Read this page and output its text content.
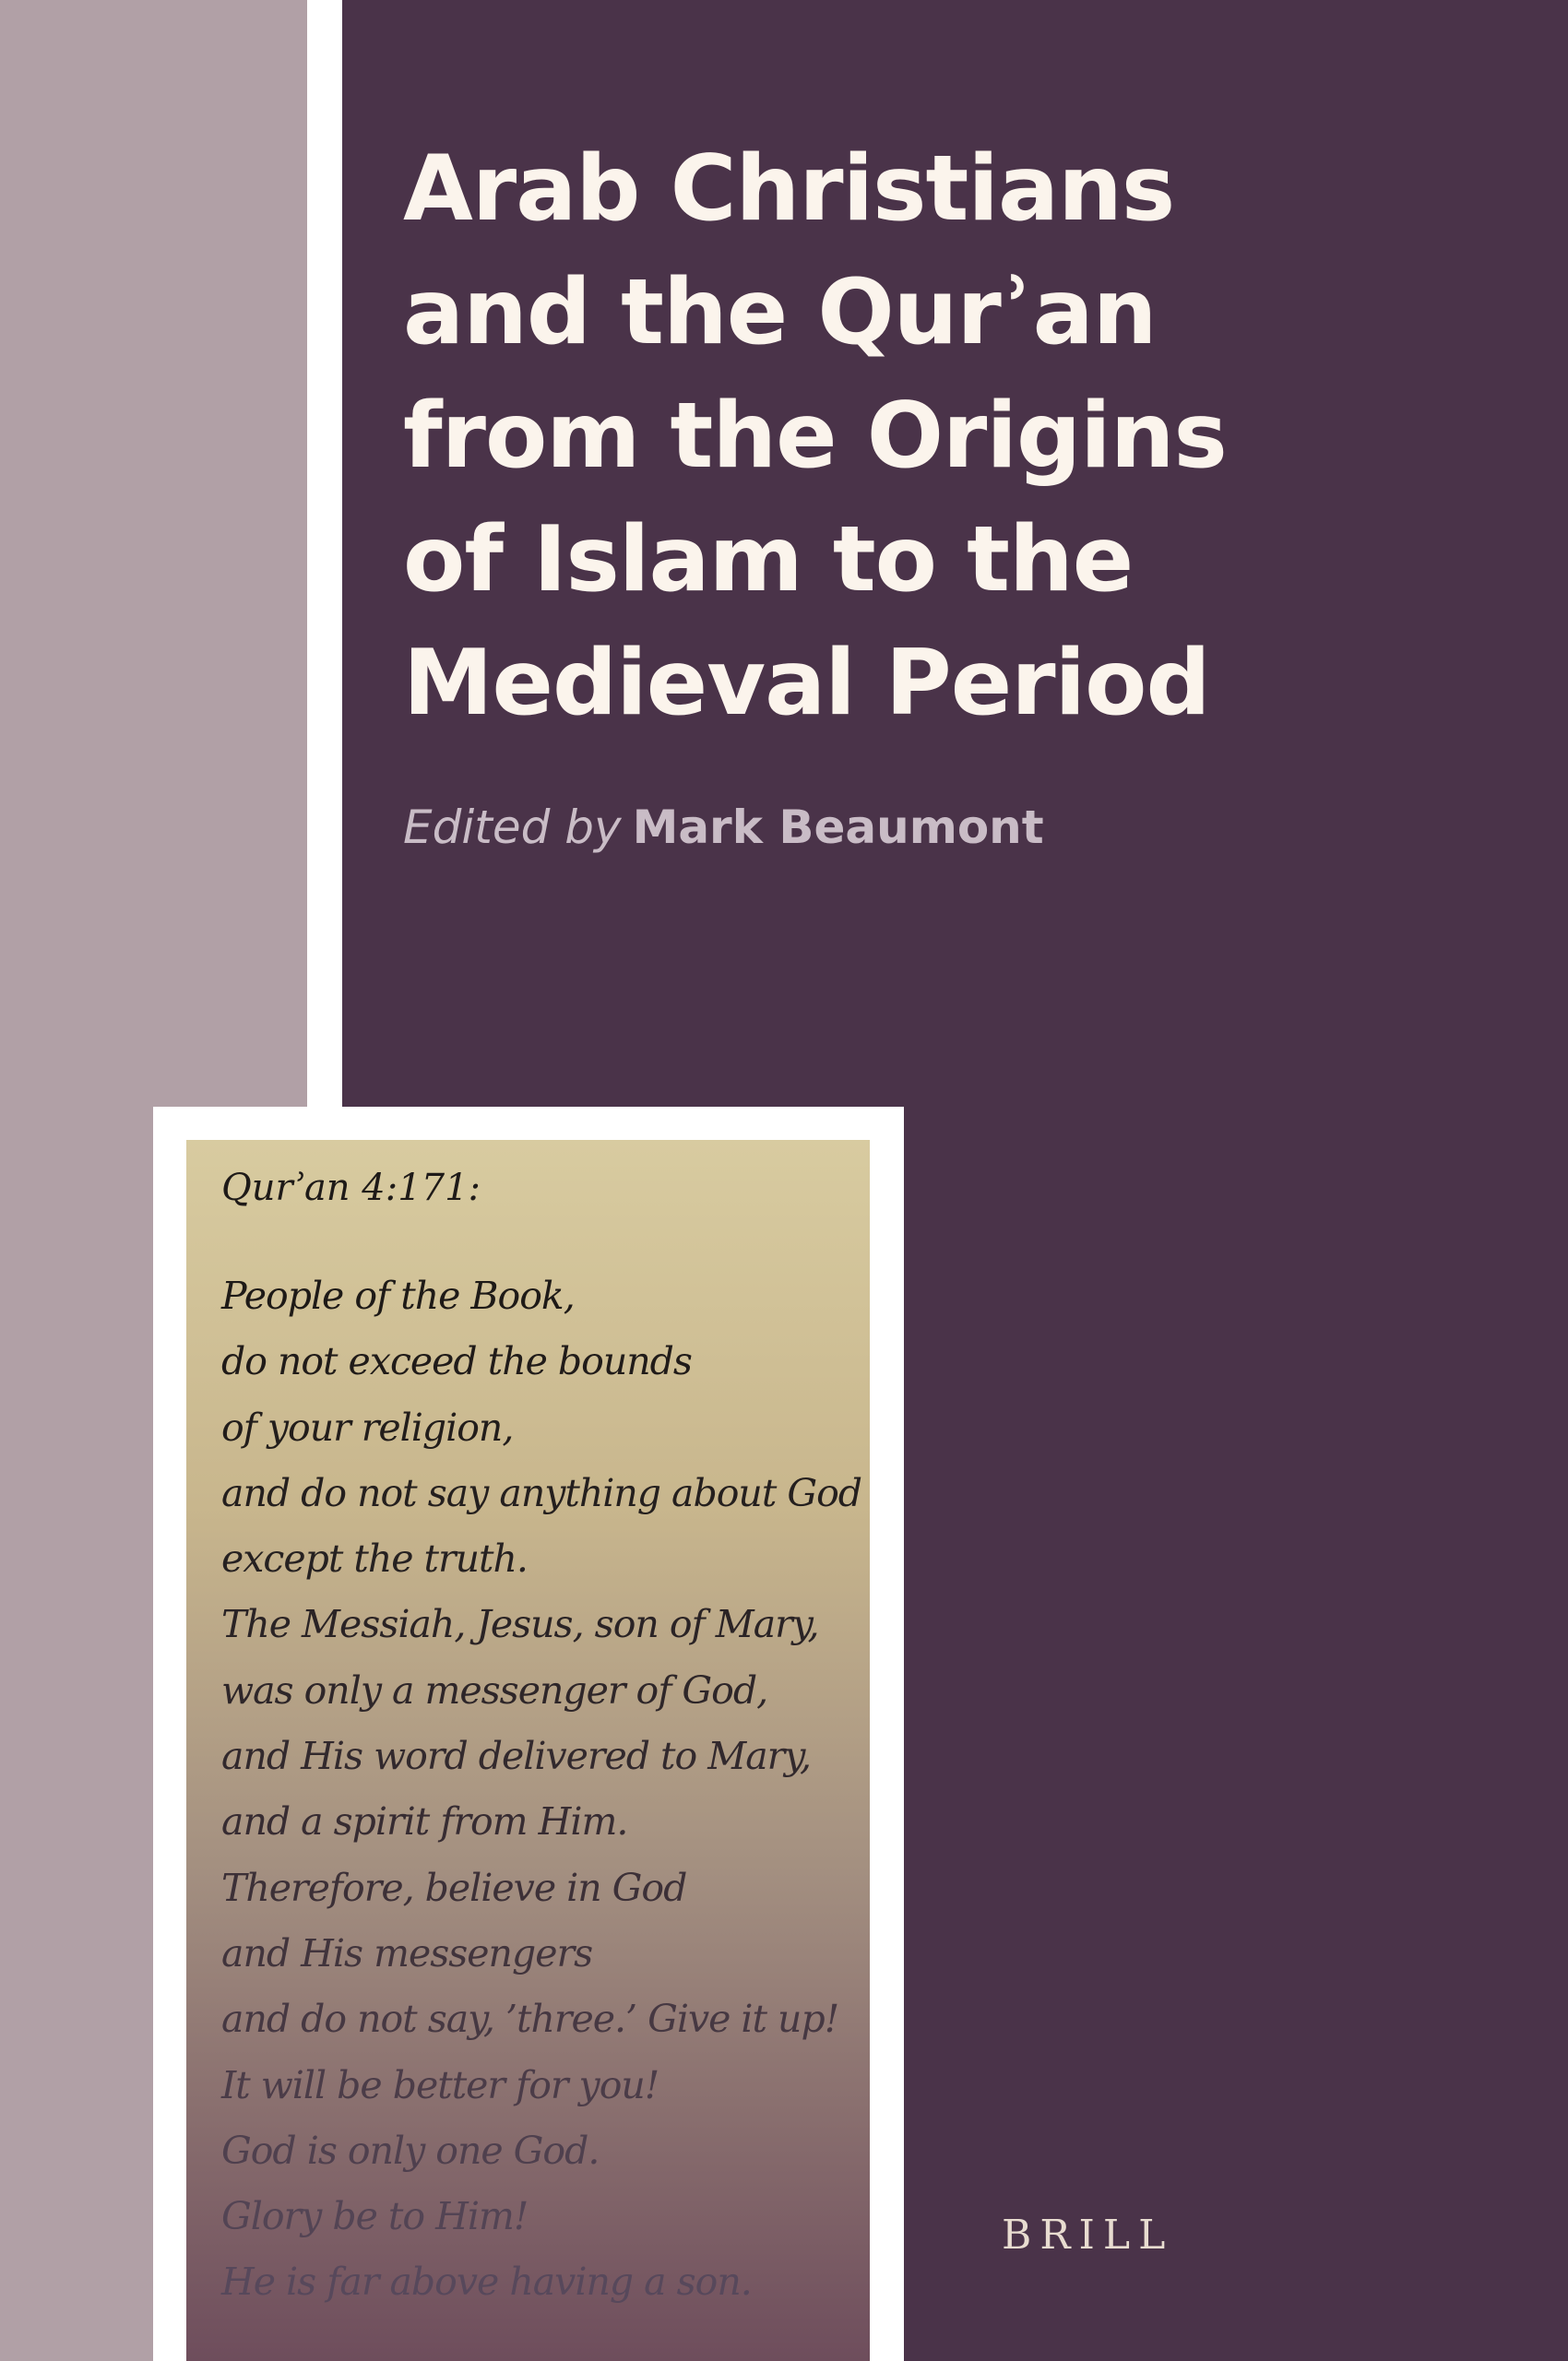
Arab Christians
and the Qurʾan
from the Origins
of Islam to the
Medieval Period
Edited by Mark Beaumont

Qurʾan 4:171:

People of the Book,
do not exceed the bounds
of your religion,
and do not say anything about God
except the truth.
The Messiah, Jesus, son of Mary,
was only a messenger of God,
and His word delivered to Mary,
and a spirit from Him.
Therefore, believe in God
and His messengers
and do not say, ’three.’ Give it up!
It will be better for you!
God is only one God.
Glory be to Him!
He is far above having a son.
BRILL
